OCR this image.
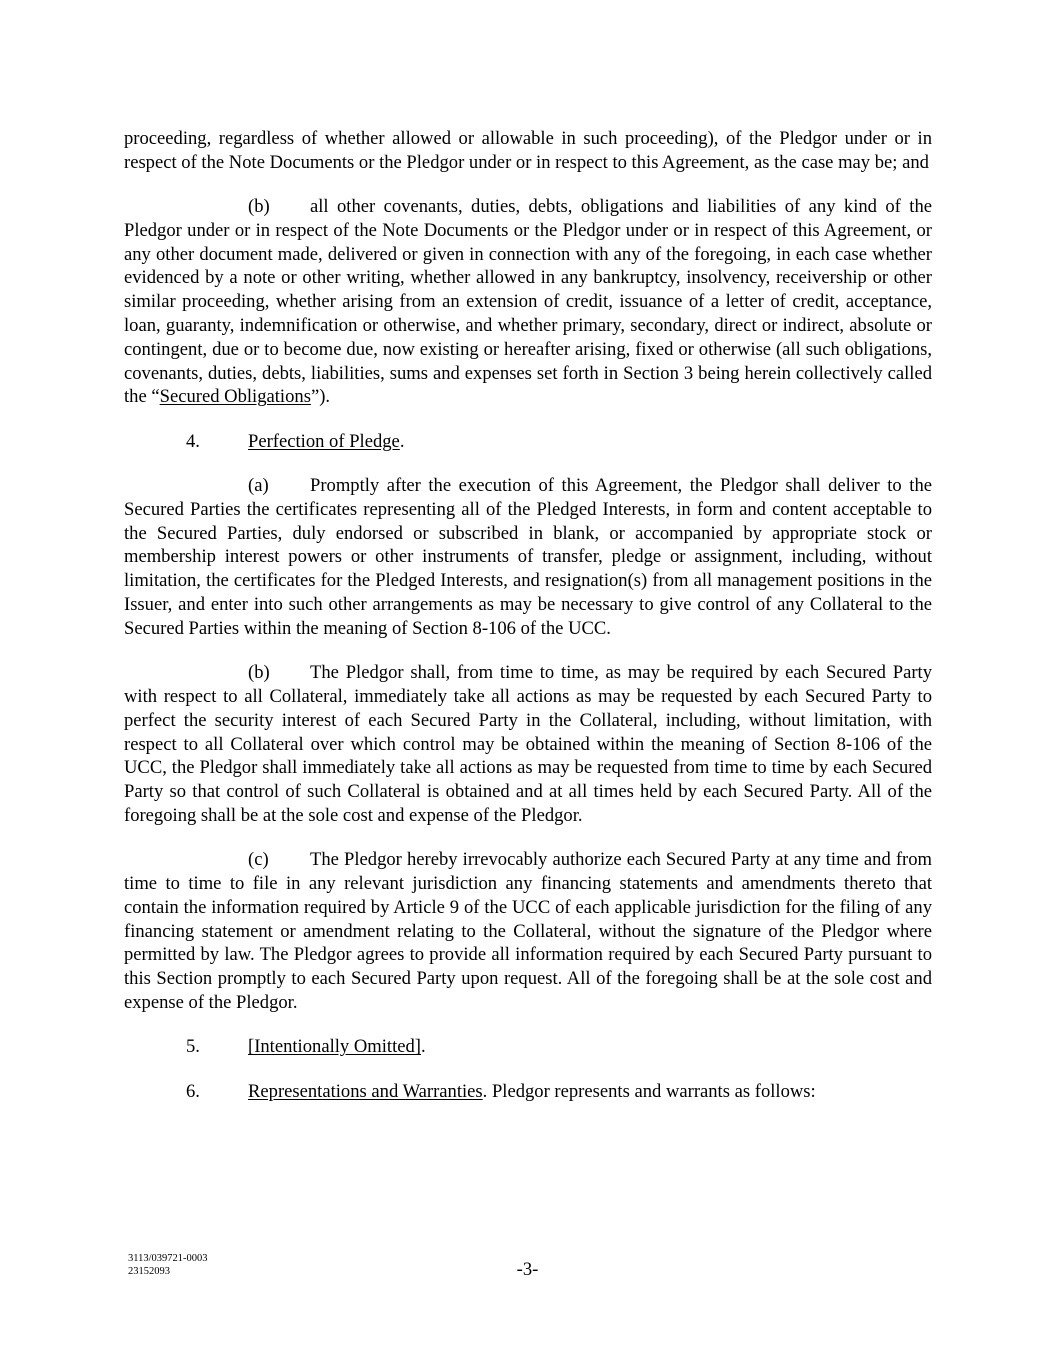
proceeding, regardless of whether allowed or allowable in such proceeding), of the Pledgor under or in respect of the Note Documents or the Pledgor under or in respect to this Agreement, as the case may be; and

(b) all other covenants, duties, debts, obligations and liabilities of any kind of the Pledgor under or in respect of the Note Documents or the Pledgor under or in respect of this Agreement, or any other document made, delivered or given in connection with any of the foregoing, in each case whether evidenced by a note or other writing, whether allowed in any bankruptcy, insolvency, receivership or other similar proceeding, whether arising from an extension of credit, issuance of a letter of credit, acceptance, loan, guaranty, indemnification or otherwise, and whether primary, secondary, direct or indirect, absolute or contingent, due or to become due, now existing or hereafter arising, fixed or otherwise (all such obligations, covenants, duties, debts, liabilities, sums and expenses set forth in Section 3 being herein collectively called the “Secured Obligations”).

4.	Perfection of Pledge.

(a) Promptly after the execution of this Agreement, the Pledgor shall deliver to the Secured Parties the certificates representing all of the Pledged Interests, in form and content acceptable to the Secured Parties, duly endorsed or subscribed in blank, or accompanied by appropriate stock or membership interest powers or other instruments of transfer, pledge or assignment, including, without limitation, the certificates for the Pledged Interests, and resignation(s) from all management positions in the Issuer, and enter into such other arrangements as may be necessary to give control of any Collateral to the Secured Parties within the meaning of Section 8-106 of the UCC.

(b) The Pledgor shall, from time to time, as may be required by each Secured Party with respect to all Collateral, immediately take all actions as may be requested by each Secured Party to perfect the security interest of each Secured Party in the Collateral, including, without limitation, with respect to all Collateral over which control may be obtained within the meaning of Section 8-106 of the UCC, the Pledgor shall immediately take all actions as may be requested from time to time by each Secured Party so that control of such Collateral is obtained and at all times held by each Secured Party. All of the foregoing shall be at the sole cost and expense of the Pledgor.

(c) The Pledgor hereby irrevocably authorize each Secured Party at any time and from time to time to file in any relevant jurisdiction any financing statements and amendments thereto that contain the information required by Article 9 of the UCC of each applicable jurisdiction for the filing of any financing statement or amendment relating to the Collateral, without the signature of the Pledgor where permitted by law. The Pledgor agrees to provide all information required by each Secured Party pursuant to this Section promptly to each Secured Party upon request. All of the foregoing shall be at the sole cost and expense of the Pledgor.

5.	[Intentionally Omitted].
6.	Representations and Warranties. Pledgor represents and warrants as follows:
3113/039721-0003
23152093	-3-
